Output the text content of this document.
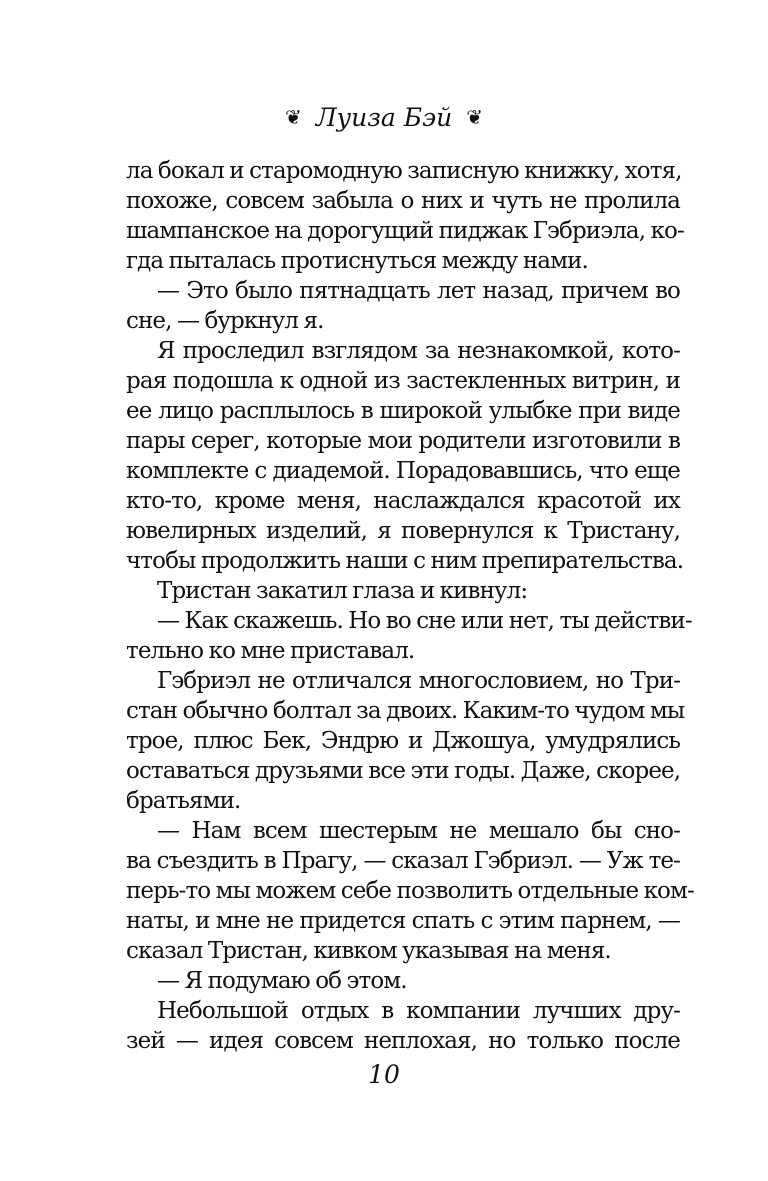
❦ Луиза Бэй ❦
ла бокал и старомодную записную книжку, хотя,
похоже, совсем забыла о них и чуть не пролила
шампанское на дорогущий пиджак Гэбриэла, ко-
гда пыталась протиснуться между нами.
— Это было пятнадцать лет назад, причем во
сне, — буркнул я.
Я проследил взглядом за незнакомкой, кото-
рая подошла к одной из застекленных витрин, и
ее лицо расплылось в широкой улыбке при виде
пары серег, которые мои родители изготовили в
комплекте с диадемой. Порадовавшись, что еще
кто-то, кроме меня, наслаждался красотой их
ювелирных изделий, я повернулся к Тристану,
чтобы продолжить наши с ним препирательства.
Тристан закатил глаза и кивнул:
— Как скажешь. Но во сне или нет, ты действи-
тельно ко мне приставал.
Гэбриэл не отличался многословием, но Три-
стан обычно болтал за двоих. Каким-то чудом мы
трое, плюс Бек, Эндрю и Джошуа, умудрялись
оставаться друзьями все эти годы. Даже, скорее,
братьями.
— Нам всем шестерым не мешало бы сно-
ва съездить в Прагу, — сказал Гэбриэл. — Уж те-
перь-то мы можем себе позволить отдельные ком-
наты, и мне не придется спать с этим парнем, —
сказал Тристан, кивком указывая на меня.
— Я подумаю об этом.
Небольшой отдых в компании лучших дру-
зей — идея совсем неплохая, но только после
10
